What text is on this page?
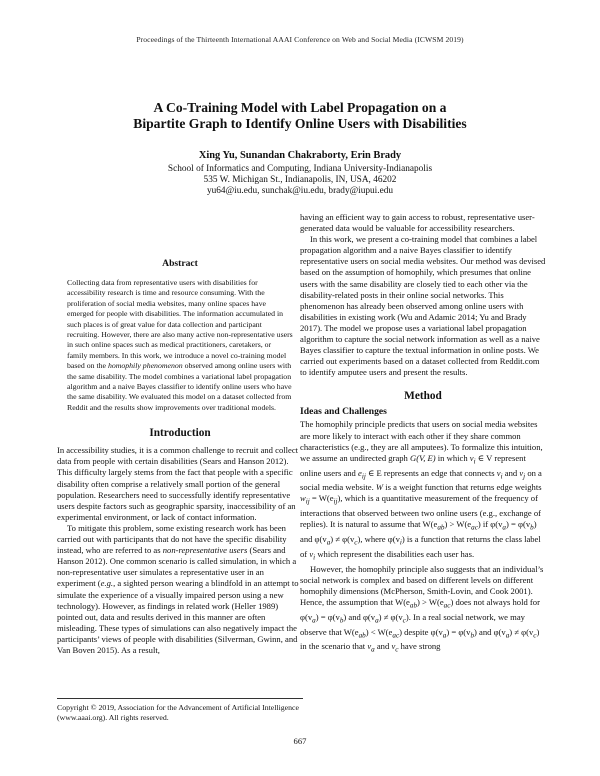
Proceedings of the Thirteenth International AAAI Conference on Web and Social Media (ICWSM 2019)
A Co-Training Model with Label Propagation on a
Bipartite Graph to Identify Online Users with Disabilities
Xing Yu, Sunandan Chakraborty, Erin Brady
School of Informatics and Computing, Indiana University-Indianapolis
535 W. Michigan St., Indianapolis, IN, USA, 46202
yu64@iu.edu, sunchak@iu.edu, brady@iupui.edu
Abstract

Collecting data from representative users with disabilities for accessibility research is time and resource consuming. With the proliferation of social media websites, many online spaces have emerged for people with disabilities. The information accumulated in such places is of great value for data collection and participant recruiting. However, there are also many active non-representative users in such online spaces such as medical practitioners, caretakers, or family members. In this work, we introduce a novel co-training model based on the homophily phenomenon observed among online users with the same disability. The model combines a variational label propagation algorithm and a naive Bayes classifier to identify online users who have the same disability. We evaluated this model on a dataset collected from Reddit and the results show improvements over traditional models.

Introduction

In accessibility studies, it is a common challenge to recruit and collect data from people with certain disabilities (Sears and Hanson 2012). This difficulty largely stems from the fact that people with a specific disability often comprise a relatively small portion of the general population. Researchers need to successfully identify representative users despite factors such as geographic sparsity, inaccessibility of an experimental environment, or lack of contact information.

To mitigate this problem, some existing research work has been carried out with participants that do not have the specific disability instead, who are referred to as non-representative users (Sears and Hanson 2012). One common scenario is called simulation, in which a non-representative user simulates a representative user in an experiment (e.g., a sighted person wearing a blindfold in an attempt to simulate the experience of a visually impaired person using a new technology). However, as findings in related work (Heller 1989) pointed out, data and results derived in this manner are often misleading. These types of simulations can also negatively impact the participants’ views of people with disabilities (Silverman, Gwinn, and Van Boven 2015). As a result,

having an efficient way to gain access to robust, representative user-generated data would be valuable for accessibility researchers.

In this work, we present a co-training model that combines a label propagation algorithm and a naive Bayes classifier to identify representative users on social media websites. Our method was devised based on the assumption of homophily, which presumes that online users with the same disability are closely tied to each other via the disability-related posts in their online social networks. This phenomenon has already been observed among online users with disabilities in existing work (Wu and Adamic 2014; Yu and Brady 2017). The model we propose uses a variational label propagation algorithm to capture the social network information as well as a naive Bayes classifier to capture the textual information in online posts. We carried out experiments based on a dataset collected from Reddit.com to identify amputee users and present the results.

Method
Ideas and Challenges

The homophily principle predicts that users on social media websites are more likely to interact with each other if they share common characteristics (e.g., they are all amputees). To formalize this intuition, we assume an undirected graph G(V, E) in which $v_i$ ∈ V represent online users and $e_{ij}$ ∈ E represents an edge that connects $v_i$ and $v_j$ on a social media website. W is a weight function that returns edge weights $w_{ij} = W(e_{ij})$, which is a quantitative measurement of the frequency of interactions that observed between two online users (e.g., exchange of replies). It is natural to assume that $W(e_{ab}) > W(e_{ac})$ if $\varphi(v_a) = \varphi(v_b)$ and $\varphi(v_a) \ne \varphi(v_c)$, where $\varphi(v_i)$ is a function that returns the class label of $v_i$ which represent the disabilities each user has.

However, the homophily principle also suggests that an individual’s social network is complex and based on different levels on different homophily dimensions (McPherson, Smith-Lovin, and Cook 2001). Hence, the assumption that $W(e_{ab}) > W(e_{ac})$ does not always hold for $\varphi(v_a) = \varphi(v_b)$ and $\varphi(v_a) \ne \varphi(v_c)$. In a real social network, we may observe that $W(e_{ab}) < W(e_{ac})$ despite $\varphi(v_a) = \varphi(v_b)$ and $\varphi(v_a) \ne \varphi(v_c)$ in the scenario that $v_a$ and $v_c$ have strong

Copyright © 2019, Association for the Advancement of Artificial Intelligence (www.aaai.org). All rights reserved.
667
